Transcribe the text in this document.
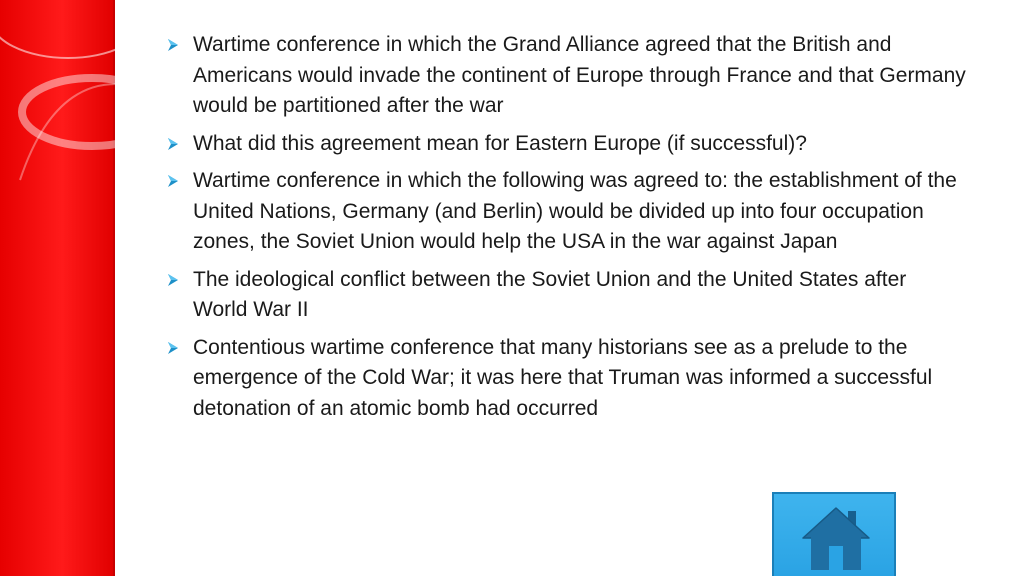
Wartime conference in which the Grand Alliance agreed that the British and Americans would invade the continent of Europe through France and that Germany would be partitioned after the war
What did this agreement mean for Eastern Europe (if successful)?
Wartime conference in which the following was agreed to: the establishment of the United Nations, Germany (and Berlin) would be divided up into four occupation zones, the Soviet Union would help the USA in the war against Japan
The ideological conflict between the Soviet Union and the United States after World War II
Contentious wartime conference that many historians see as a prelude to the emergence of the Cold War; it was here that Truman was informed a successful detonation of an atomic bomb had occurred
